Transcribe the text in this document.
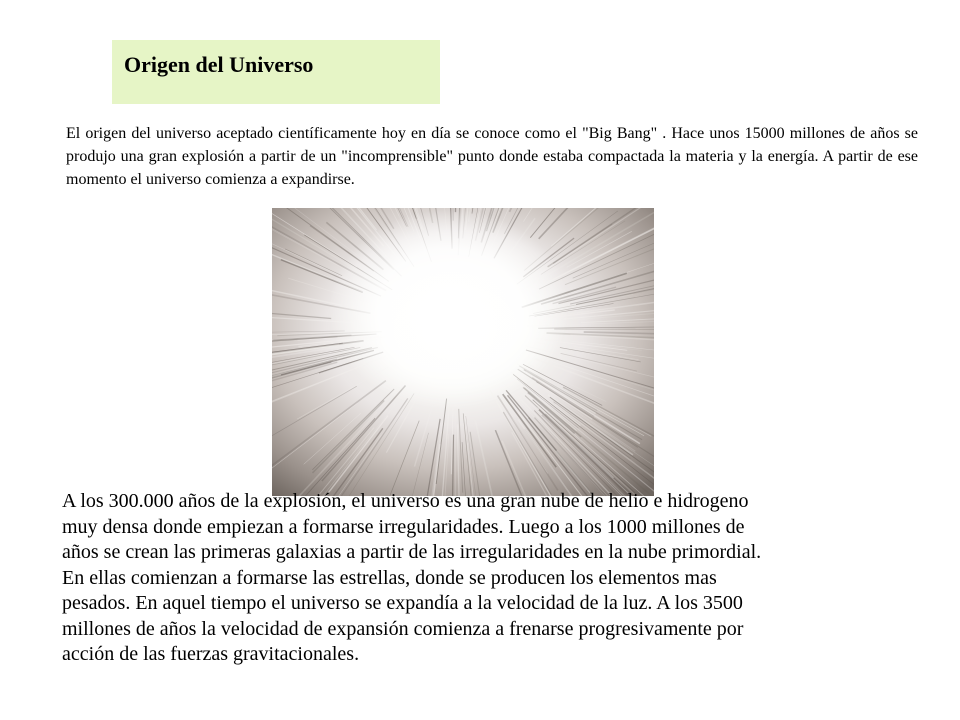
Origen del Universo

El origen del universo aceptado científicamente hoy en día se conoce como el "Big Bang" . Hace unos 15000 millones de años se produjo una gran explosión a partir de un "incomprensible" punto donde estaba compactada la materia y la energía. A partir de ese momento el universo comienza a expandirse.

A los 300.000 años de la explosión, el universo es una gran nube de helio e hidrogeno
muy densa donde empiezan a formarse irregularidades. Luego a los 1000 millones de
años se crean las primeras galaxias a partir de las irregularidades en la nube primordial.
En ellas comienzan a formarse las estrellas, donde se producen los elementos mas
pesados. En aquel tiempo el universo se expandía a la velocidad de la luz. A los 3500
millones de años la velocidad de expansión comienza a frenarse progresivamente por
acción de las fuerzas gravitacionales.
